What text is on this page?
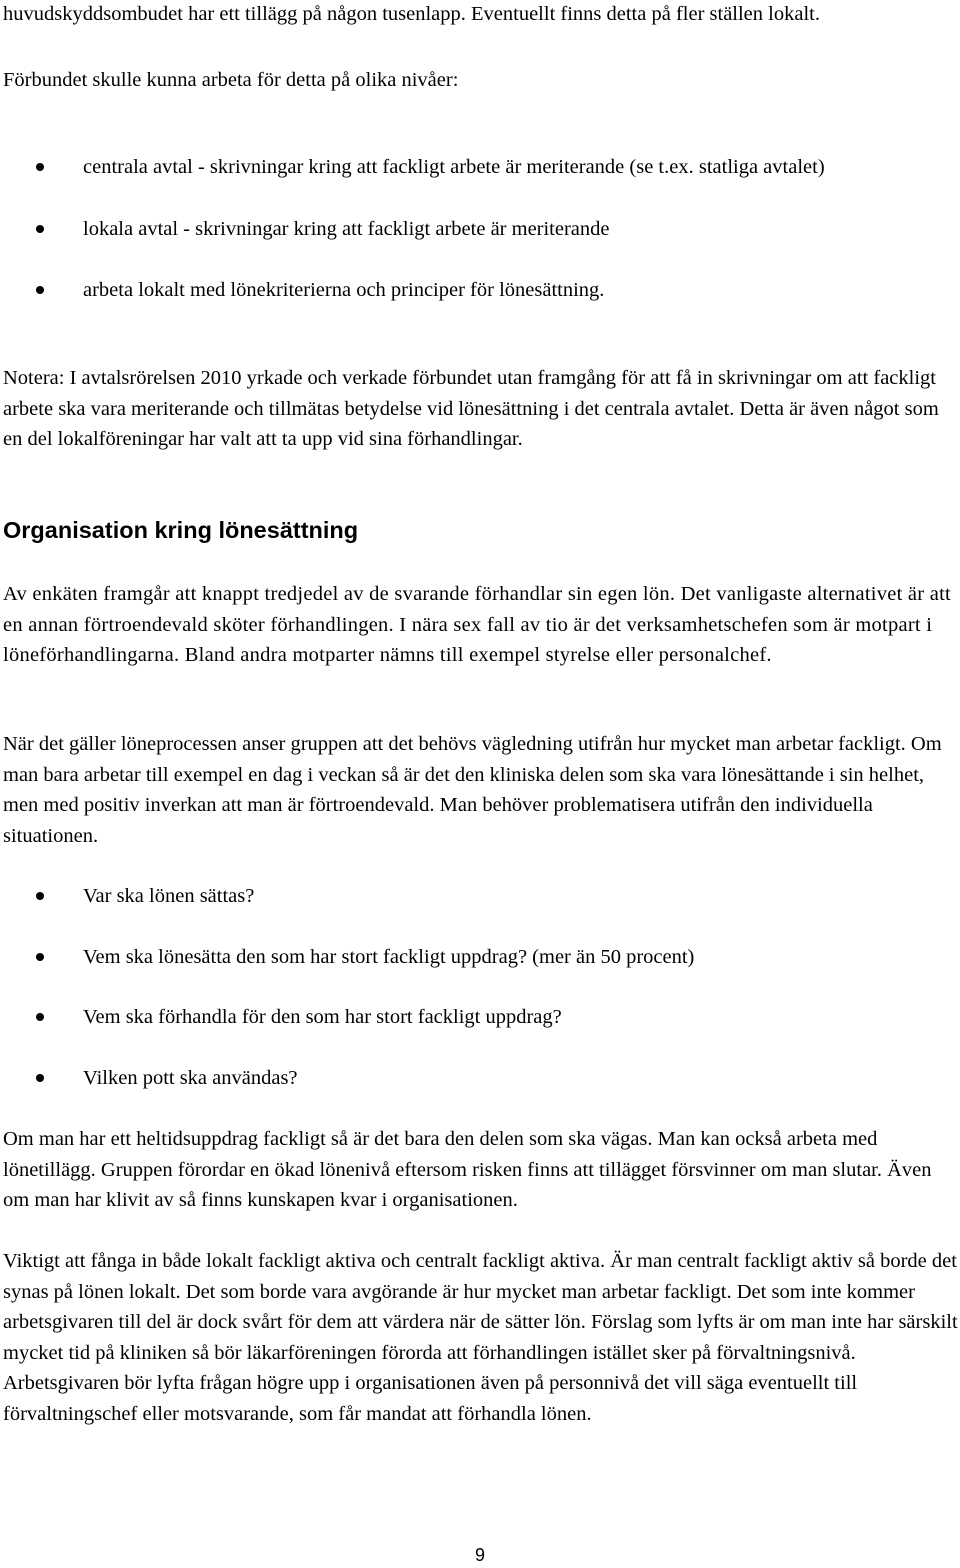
huvudskyddsombudet har ett tillägg på någon tusenlapp. Eventuellt finns detta på fler ställen lokalt.

Förbundet skulle kunna arbeta för detta på olika nivåer:

centrala avtal - skrivningar kring att fackligt arbete är meriterande (se t.ex. statliga avtalet)
lokala avtal - skrivningar kring att fackligt arbete är meriterande
arbeta lokalt med lönekriterierna och principer för lönesättning.

Notera: I avtalsrörelsen 2010 yrkade och verkade förbundet utan framgång för att få in skrivningar om att fackligt arbete ska vara meriterande och tillmätas betydelse vid lönesättning i det centrala avtalet. Detta är även något som en del lokalföreningar har valt att ta upp vid sina förhandlingar.

Organisation kring lönesättning

Av enkäten framgår att knappt tredjedel av de svarande förhandlar sin egen lön. Det vanligaste alternativet är att en annan förtroendevald sköter förhandlingen. I nära sex fall av tio är det verksamhetschefen som är motpart i löneförhandlingarna. Bland andra motparter nämns till exempel styrelse eller personalchef.

När det gäller löneprocessen anser gruppen att det behövs vägledning utifrån hur mycket man arbetar fackligt. Om man bara arbetar till exempel en dag i veckan så är det den kliniska delen som ska vara lönesättande i sin helhet, men med positiv inverkan att man är förtroendevald. Man behöver problematisera utifrån den individuella situationen.

Var ska lönen sättas?
Vem ska lönesätta den som har stort fackligt uppdrag? (mer än 50 procent)
Vem ska förhandla för den som har stort fackligt uppdrag?
Vilken pott ska användas?

Om man har ett heltidsuppdrag fackligt så är det bara den delen som ska vägas. Man kan också arbeta med lönetillägg. Gruppen förordar en ökad lönenivå eftersom risken finns att tillägget försvinner om man slutar. Även om man har klivit av så finns kunskapen kvar i organisationen.

Viktigt att fånga in både lokalt fackligt aktiva och centralt fackligt aktiva. Är man centralt fackligt aktiv så borde det synas på lönen lokalt. Det som borde vara avgörande är hur mycket man arbetar fackligt. Det som inte kommer arbetsgivaren till del är dock svårt för dem att värdera när de sätter lön. Förslag som lyfts är om man inte har särskilt mycket tid på kliniken så bör läkarföreningen förorda att förhandlingen istället sker på förvaltningsnivå. Arbetsgivaren bör lyfta frågan högre upp i organisationen även på personnivå det vill säga eventuellt till förvaltningschef eller motsvarande, som får mandat att förhandla lönen.

9
